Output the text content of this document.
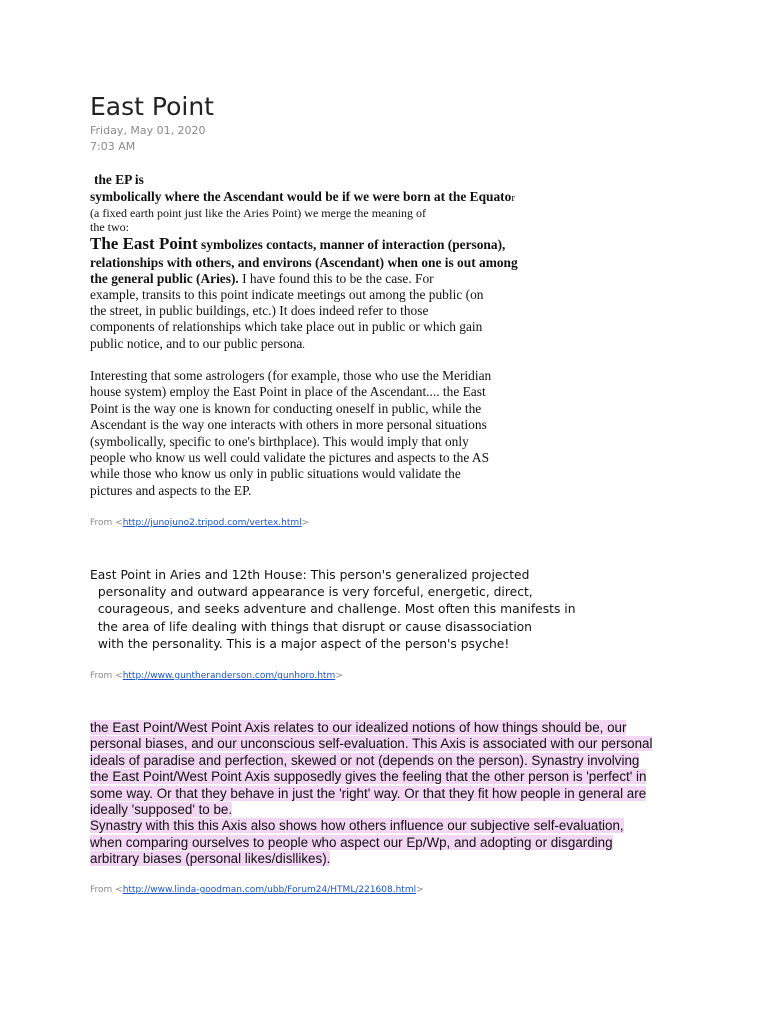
East Point
Friday, May 01, 2020
7:03 AM
the EP is
symbolically where the Ascendant would be if we were born at the Equator
(a fixed earth point just like the Aries Point) we merge the meaning of
the two:
The East Point symbolizes contacts, manner of interaction (persona),
relationships with others, and environs (Ascendant) when one is out among
the general public (Aries). I have found this to be the case. For
example, transits to this point indicate meetings out among the public (on
the street, in public buildings, etc.) It does indeed refer to those
components of relationships which take place out in public or which gain
public notice, and to our public persona.
Interesting that some astrologers (for example, those who use the Meridian
house system) employ the East Point in place of the Ascendant.... the East
Point is the way one is known for conducting oneself in public, while the
Ascendant is the way one interacts with others in more personal situations
(symbolically, specific to one's birthplace). This would imply that only
people who know us well could validate the pictures and aspects to the AS
while those who know us only in public situations would validate the
pictures and aspects to the EP.
From <http://junojuno2.tripod.com/vertex.html>
East Point in Aries and 12th House: This person's generalized projected
personality and outward appearance is very forceful, energetic, direct,
courageous, and seeks adventure and challenge. Most often this manifests in
the area of life dealing with things that disrupt or cause disassociation
with the personality. This is a major aspect of the person's psyche!
From <http://www.guntheranderson.com/gunhoro.htm>
the East Point/West Point Axis relates to our idealized notions of how things should be, our
personal biases, and our unconscious self-evaluation. This Axis is associated with our personal
ideals of paradise and perfection, skewed or not (depends on the person). Synastry involving
the East Point/West Point Axis supposedly gives the feeling that the other person is 'perfect' in
some way. Or that they behave in just the 'right' way. Or that they fit how people in general are
ideally 'supposed' to be.
Synastry with this this Axis also shows how others influence our subjective self-evaluation,
when comparing ourselves to people who aspect our Ep/Wp, and adopting or disgarding
arbitrary biases (personal likes/disllikes).
From <http://www.linda-goodman.com/ubb/Forum24/HTML/221608.html>
